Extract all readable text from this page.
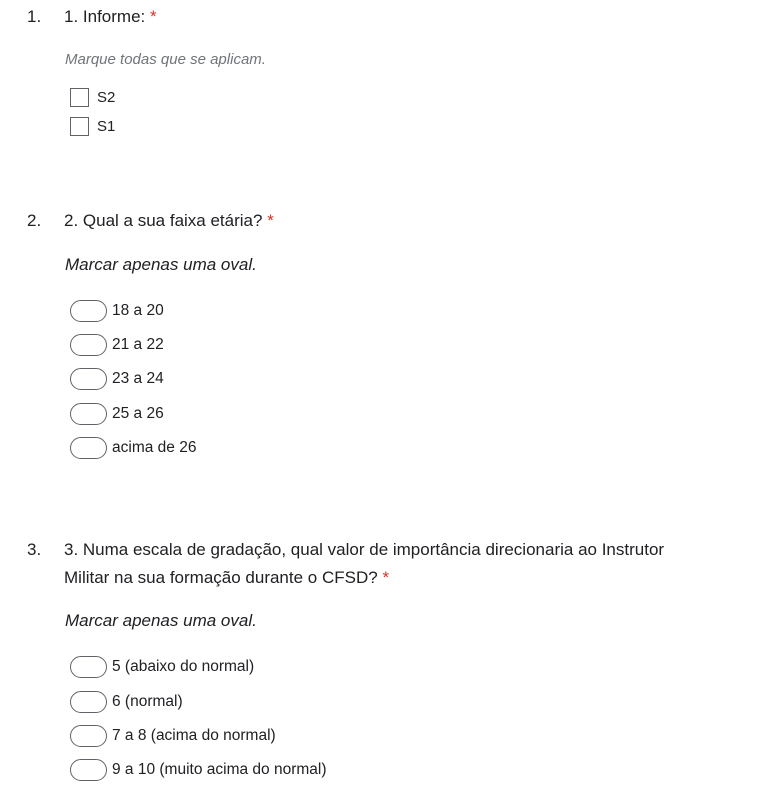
1. 1. Informe: *
Marque todas que se aplicam.
S2
S1
2. 2. Qual a sua faixa etária? *
Marcar apenas uma oval.
18 a 20
21 a 22
23 a 24
25 a 26
acima de 26
3. 3. Numa escala de gradação, qual valor de importância direcionaria ao Instrutor
Militar na sua formação durante o CFSD? *
Marcar apenas uma oval.
5 (abaixo do normal)
6 (normal)
7 a 8 (acima do normal)
9 a 10 (muito acima do normal)
